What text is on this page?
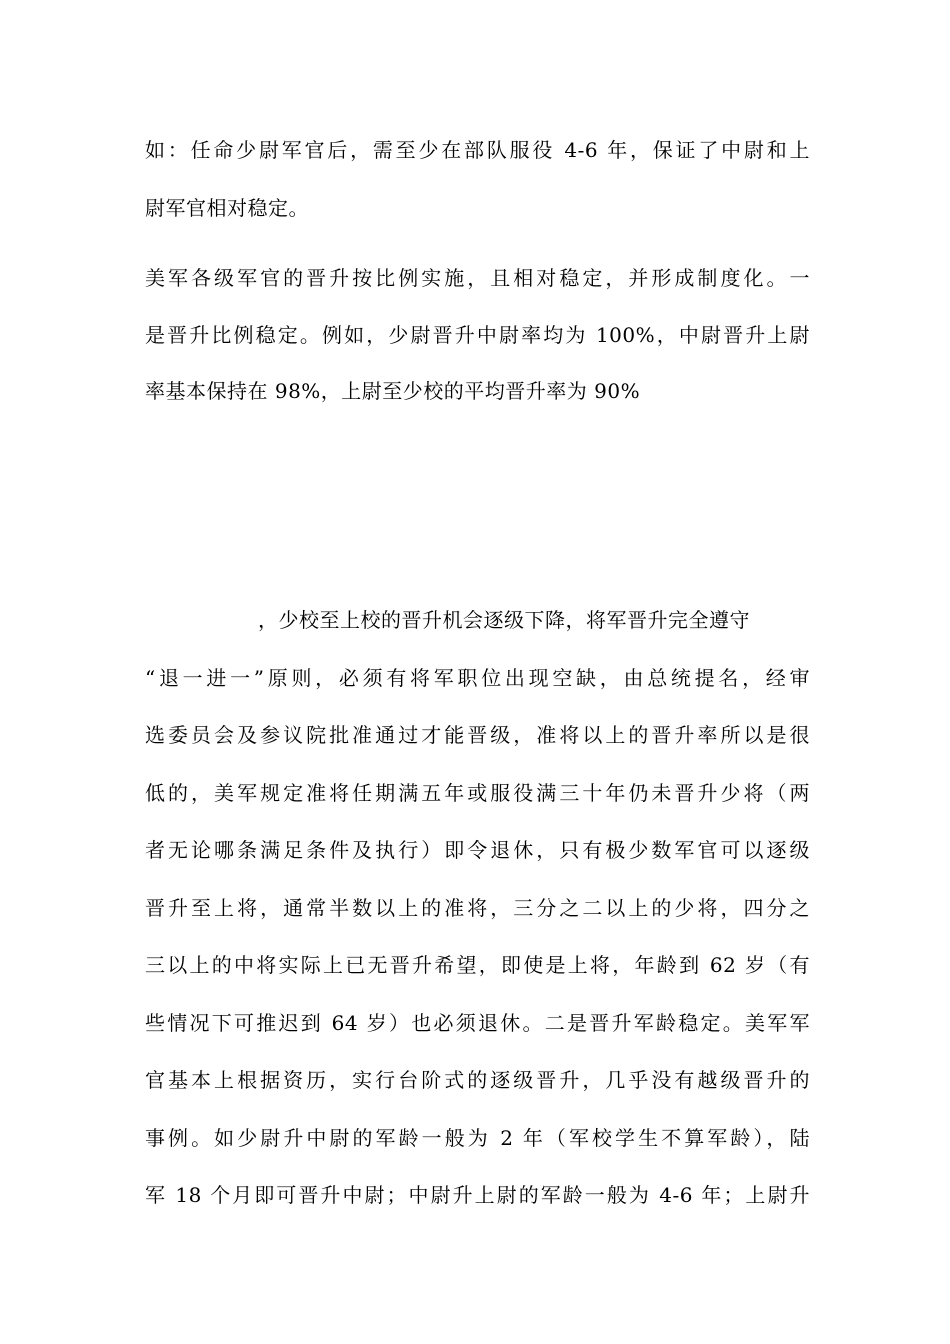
如：任命少尉军官后，需至少在部队服役 4-6 年，保证了中尉和上
尉军官相对稳定。
美军各级军官的晋升按比例实施，且相对稳定，并形成制度化。一
是晋升比例稳定。例如，少尉晋升中尉率均为 100%，中尉晋升上尉
率基本保持在 98%，上尉至少校的平均晋升率为 90%
，少校至上校的晋升机会逐级下降，将军晋升完全遵守
“退一进一”原则，必须有将军职位出现空缺，由总统提名，经审
选委员会及参议院批准通过才能晋级，准将以上的晋升率所以是很
低的，美军规定准将任期满五年或服役满三十年仍未晋升少将（两
者无论哪条满足条件及执行）即令退休，只有极少数军官可以逐级
晋升至上将，通常半数以上的准将，三分之二以上的少将，四分之
三以上的中将实际上已无晋升希望，即使是上将，年龄到 62 岁（有
些情况下可推迟到 64 岁）也必须退休。二是晋升军龄稳定。美军军
官基本上根据资历，实行台阶式的逐级晋升，几乎没有越级晋升的
事例。如少尉升中尉的军龄一般为 2 年（军校学生不算军龄），陆
军 18 个月即可晋升中尉；中尉升上尉的军龄一般为 4-6 年；上尉升
